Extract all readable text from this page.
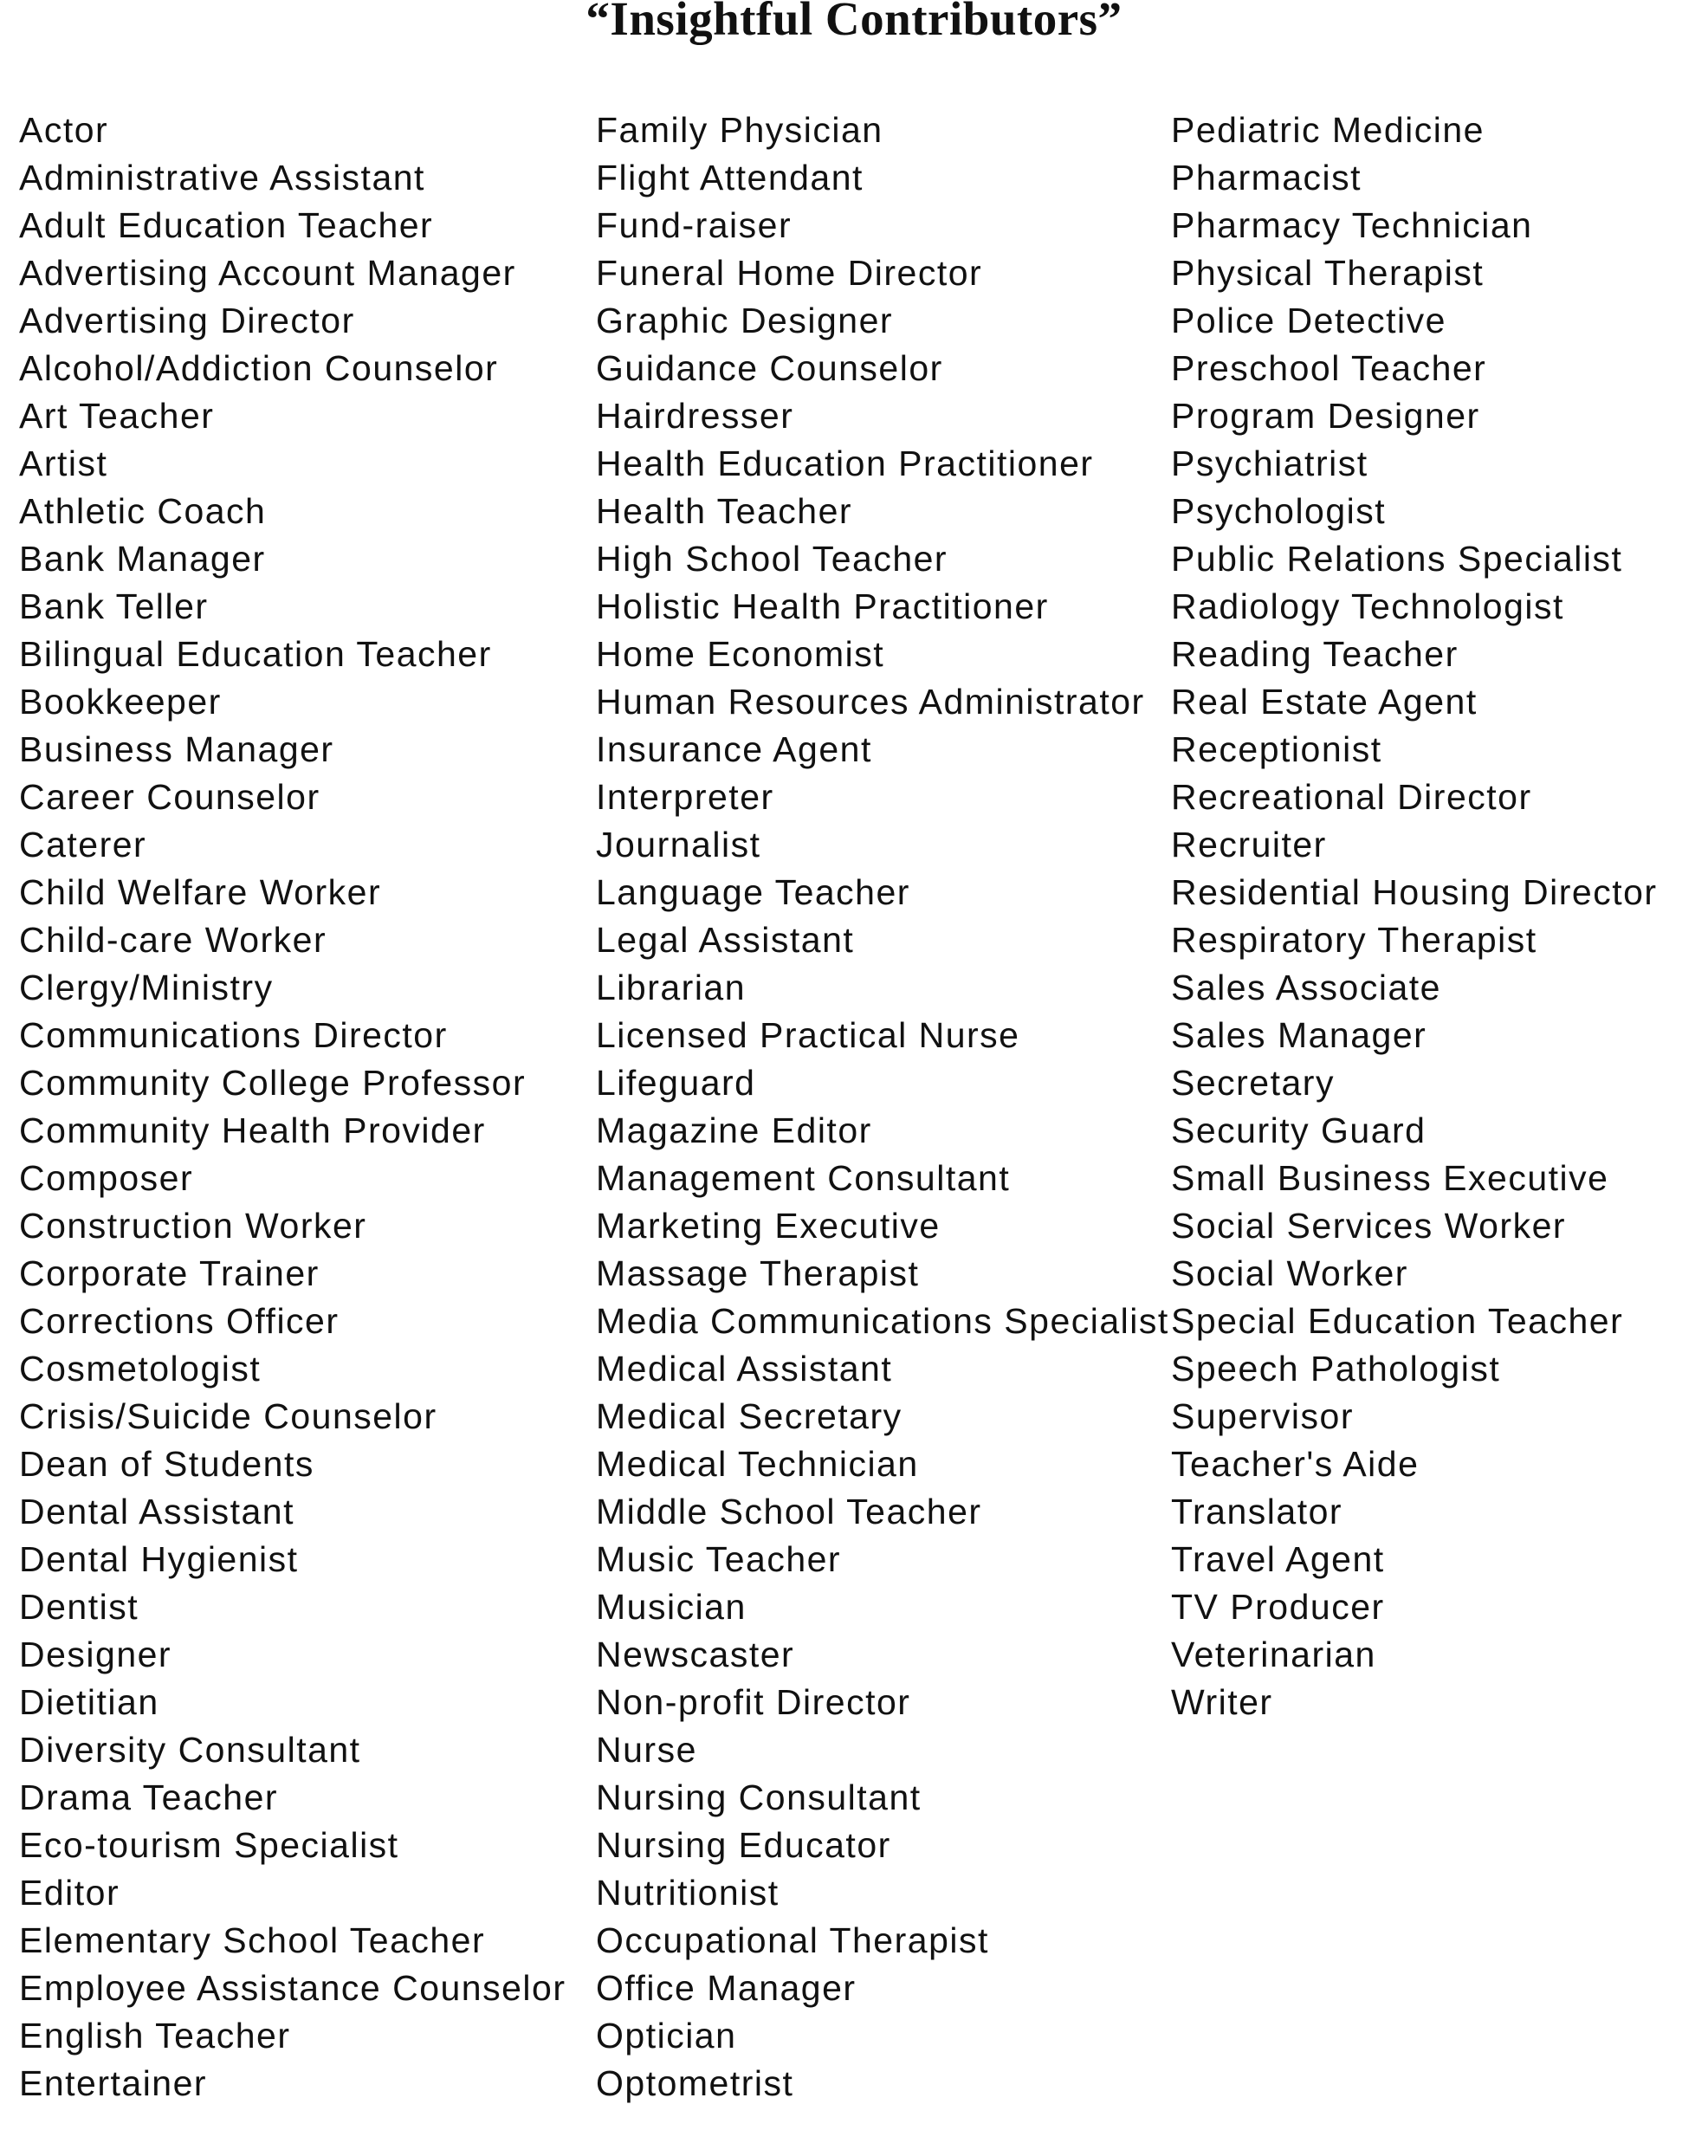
“Insightful Contributors”
Actor
Administrative Assistant
Adult Education Teacher
Advertising Account Manager
Advertising Director
Alcohol/Addiction Counselor
Art Teacher
Artist
Athletic Coach
Bank Manager
Bank Teller
Bilingual Education Teacher
Bookkeeper
Business Manager
Career Counselor
Caterer
Child Welfare Worker
Child-care Worker
Clergy/Ministry
Communications Director
Community College Professor
Community Health Provider
Composer
Construction Worker
Corporate Trainer
Corrections Officer
Cosmetologist
Crisis/Suicide Counselor
Dean of Students
Dental Assistant
Dental Hygienist
Dentist
Designer
Dietitian
Diversity Consultant
Drama Teacher
Eco-tourism Specialist
Editor
Elementary School Teacher
Employee Assistance Counselor
English Teacher
Entertainer
Family Physician
Flight Attendant
Fund-raiser
Funeral Home Director
Graphic Designer
Guidance Counselor
Hairdresser
Health Education Practitioner
Health Teacher
High School Teacher
Holistic Health Practitioner
Home Economist
Human Resources Administrator
Insurance Agent
Interpreter
Journalist
Language Teacher
Legal Assistant
Librarian
Licensed Practical Nurse
Lifeguard
Magazine Editor
Management Consultant
Marketing Executive
Massage Therapist
Media Communications Specialist
Medical Assistant
Medical Secretary
Medical Technician
Middle School Teacher
Music Teacher
Musician
Newscaster
Non-profit Director
Nurse
Nursing Consultant
Nursing Educator
Nutritionist
Occupational Therapist
Office Manager
Optician
Optometrist
Pediatric Medicine
Pharmacist
Pharmacy Technician
Physical Therapist
Police Detective
Preschool Teacher
Program Designer
Psychiatrist
Psychologist
Public Relations Specialist
Radiology Technologist
Reading Teacher
Real Estate Agent
Receptionist
Recreational Director
Recruiter
Residential Housing Director
Respiratory Therapist
Sales Associate
Sales Manager
Secretary
Security Guard
Small Business Executive
Social Services Worker
Social Worker
Special Education Teacher
Speech Pathologist
Supervisor
Teacher's Aide
Translator
Travel Agent
TV Producer
Veterinarian
Writer
